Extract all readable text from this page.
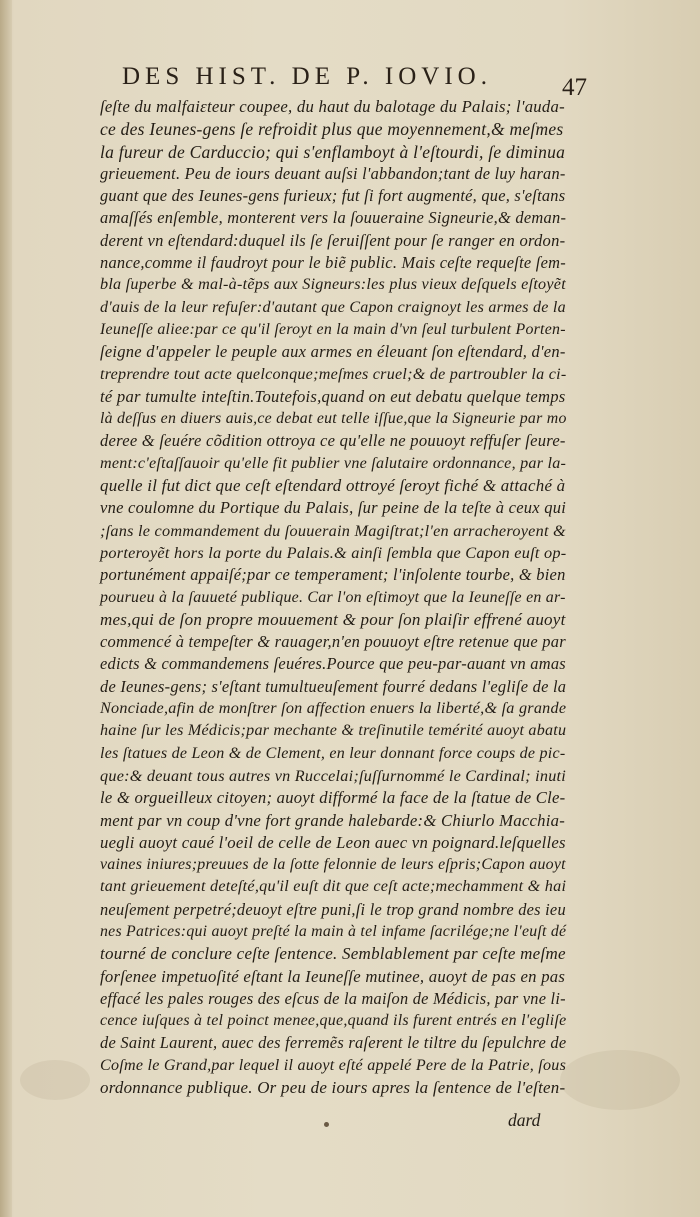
DES HIST. DE P. IOVIO.	47
ſeſte du malfaiɛteur coupee, du haut du balotage du Palais; l'auda-
ce des Ieunes-gens ſe refroidit plus que moyennement,& meſmes
la fureur de Carduccio; qui s'enflamboyt à l'eſtourdi, ſe diminua
grieuement. Peu de iours deuant auſsi l'abbandon;tant de luy haran-
guant que des Ieunes-gens furieux; fut ſi fort augmenté, que, s'eſtans
amaſſés enſemble, monterent vers la ſouueraine Signeurie,& deman-
derent vn eſtendard:duquel ils ſe ſeruiſſent pour ſe ranger en ordon-
nance,comme il faudroyt pour le biẽ public. Mais ceſte requeſte ſem-
bla ſuperbe & mal-à-tẽps aux Signeurs:les plus vieux deſquels eſtoyẽt
d'auis de la leur refuſer:d'autant que Capon craignoyt les armes de la
Ieuneſſe aliee:par ce qu'il ſeroyt en la main d'vn ſeul turbulent Porten-
ſeigne d'appeler le peuple aux armes en éleuant ſon eſtendard, d'en-
treprendre tout acte quelconque;meſmes cruel;& de partroubler la ci-
té par tumulte inteſtin.Toutefois,quand on eut debatu quelque temps
là deſſus en diuers auis,ce debat eut telle iſſue,que la Signeurie par mo
deree & ſeuére cõdition ottroya ce qu'elle ne pouuoyt reffuſer ſeure-
ment:c'eſtaſſauoir qu'elle fit publier vne ſalutaire ordonnance, par la-
quelle il fut dict que ceſt eſtendard ottroyé ſeroyt fiché & attaché à
vne coulomne du Portique du Palais, ſur peine de la teſte à ceux qui
;ſans le commandement du ſouuerain Magiſtrat;l'en arracheroyent &
porteroyẽt hors la porte du Palais.& ainſi ſembla que Capon euſt op-
portunément appaiſé;par ce temperament; l'inſolente tourbe, & bien
pourueu à la ſauueté publique. Car l'on eſtimoyt que la Ieuneſſe en ar-
mes,qui de ſon propre mouuement & pour ſon plaiſir effrené auoyt
commencé à tempeſter & rauager,n'en pouuoyt eſtre retenue que par
edicts & commandemens ſeuéres.Pource que peu-par-auant vn amas
de Ieunes-gens; s'eſtant tumultueuſement fourré dedans l'egliſe de la
Nonciade,afin de monſtrer ſon affection enuers la liberté,& ſa grande
haine ſur les Médicis;par mechante & treſinutile temérité auoyt abatu
les ſtatues de Leon & de Clement, en leur donnant force coups de pic-
que:& deuant tous autres vn Ruccelai;ſuſſurnommé le Cardinal; inuti
le & orgueilleux citoyen; auoyt difformé la face de la ſtatue de Cle-
ment par vn coup d'vne fort grande halebarde:& Chiurlo Macchia-
uegli auoyt caué l'oeil de celle de Leon auec vn poignard.leſquelles
vaines iniures;preuues de la ſotte felonnie de leurs eſpris;Capon auoyt
tant grieuement deteſté,qu'il euſt dit que ceſt acte;mechamment & hai
neuſement perpetré;deuoyt eſtre puni,ſi le trop grand nombre des ieu
nes Patrices:qui auoyt preſté la main à tel infame ſacrilége;ne l'euſt dé
tourné de conclure ceſte ſentence. Semblablement par ceſte meſme
forſenee impetuoſité eſtant la Ieuneſſe mutinee, auoyt de pas en pas
effacé les pales rouges des eſcus de la maiſon de Médicis, par vne li-
cence iuſques à tel poinct menee,que,quand ils furent entrés en l'egliſe
de Saint Laurent, auec des ferremẽs raſerent le tiltre du ſepulchre de
Coſme le Grand,par lequel il auoyt eſté appelé Pere de la Patrie, ſous
ordonnance publique. Or peu de iours apres la ſentence de l'eſten-
dard
